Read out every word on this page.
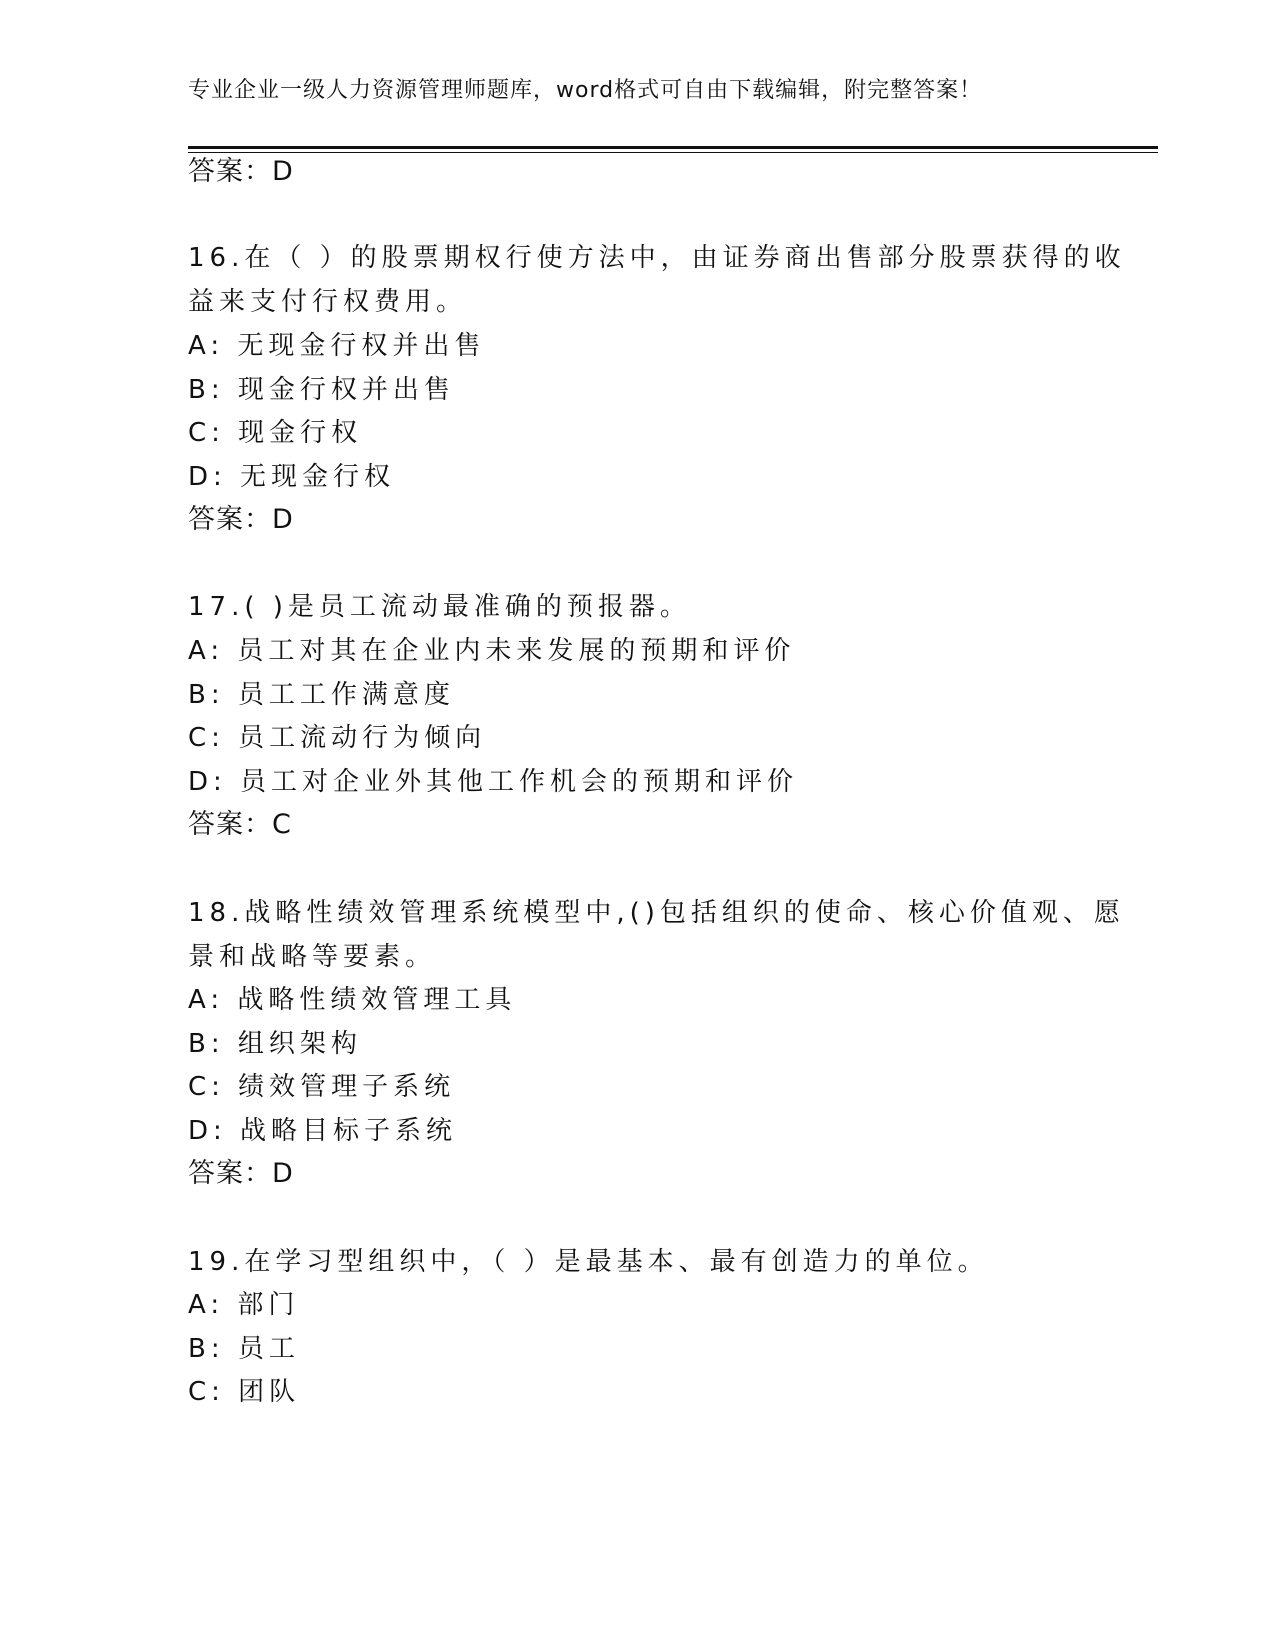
专业企业一级人力资源管理师题库，word格式可自由下载编辑，附完整答案！
答案：D
16.在（ ）的股票期权行使方法中，由证券商出售部分股票获得的收
益来支付行权费用。
A: 无现金行权并出售
B: 现金行权并出售
C: 现金行权
D: 无现金行权
答案：D
17.( )是员工流动最准确的预报器。
A: 员工对其在企业内未来发展的预期和评价
B: 员工工作满意度
C: 员工流动行为倾向
D: 员工对企业外其他工作机会的预期和评价
答案：C
18.战略性绩效管理系统模型中,()包括组织的使命、核心价值观、愿
景和战略等要素。
A: 战略性绩效管理工具
B: 组织架构
C: 绩效管理子系统
D: 战略目标子系统
答案：D
19.在学习型组织中，（ ）是最基本、最有创造力的单位。
A: 部门
B: 员工
C: 团队
